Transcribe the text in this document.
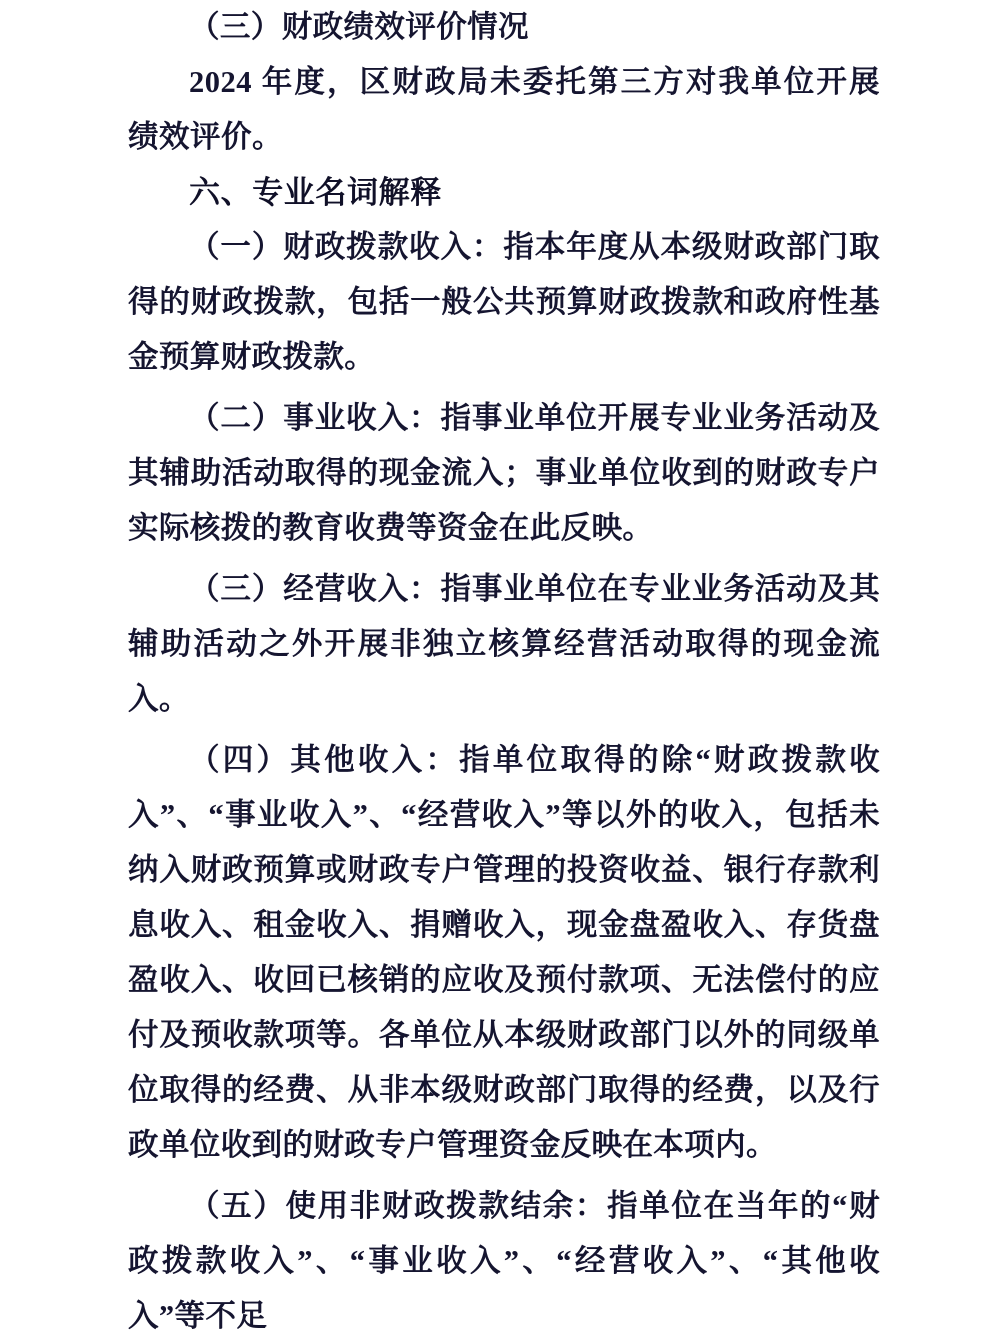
（三）财政绩效评价情况

2024 年度，区财政局未委托第三方对我单位开展绩效评价。

六、专业名词解释

（一）财政拨款收入：指本年度从本级财政部门取得的财政拨款，包括一般公共预算财政拨款和政府性基金预算财政拨款。

（二）事业收入：指事业单位开展专业业务活动及其辅助活动取得的现金流入；事业单位收到的财政专户实际核拨的教育收费等资金在此反映。

（三）经营收入：指事业单位在专业业务活动及其辅助活动之外开展非独立核算经营活动取得的现金流入。

（四）其他收入：指单位取得的除“财政拨款收入”、“事业收入”、“经营收入”等以外的收入，包括未纳入财政预算或财政专户管理的投资收益、银行存款利息收入、租金收入、捐赠收入，现金盘盈收入、存货盘盈收入、收回已核销的应收及预付款项、无法偿付的应付及预收款项等。各单位从本级财政部门以外的同级单位取得的经费、从非本级财政部门取得的经费，以及行政单位收到的财政专户管理资金反映在本项内。

（五）使用非财政拨款结余：指单位在当年的“财政拨款收入”、“事业收入”、“经营收入”、“其他收入”等不足
